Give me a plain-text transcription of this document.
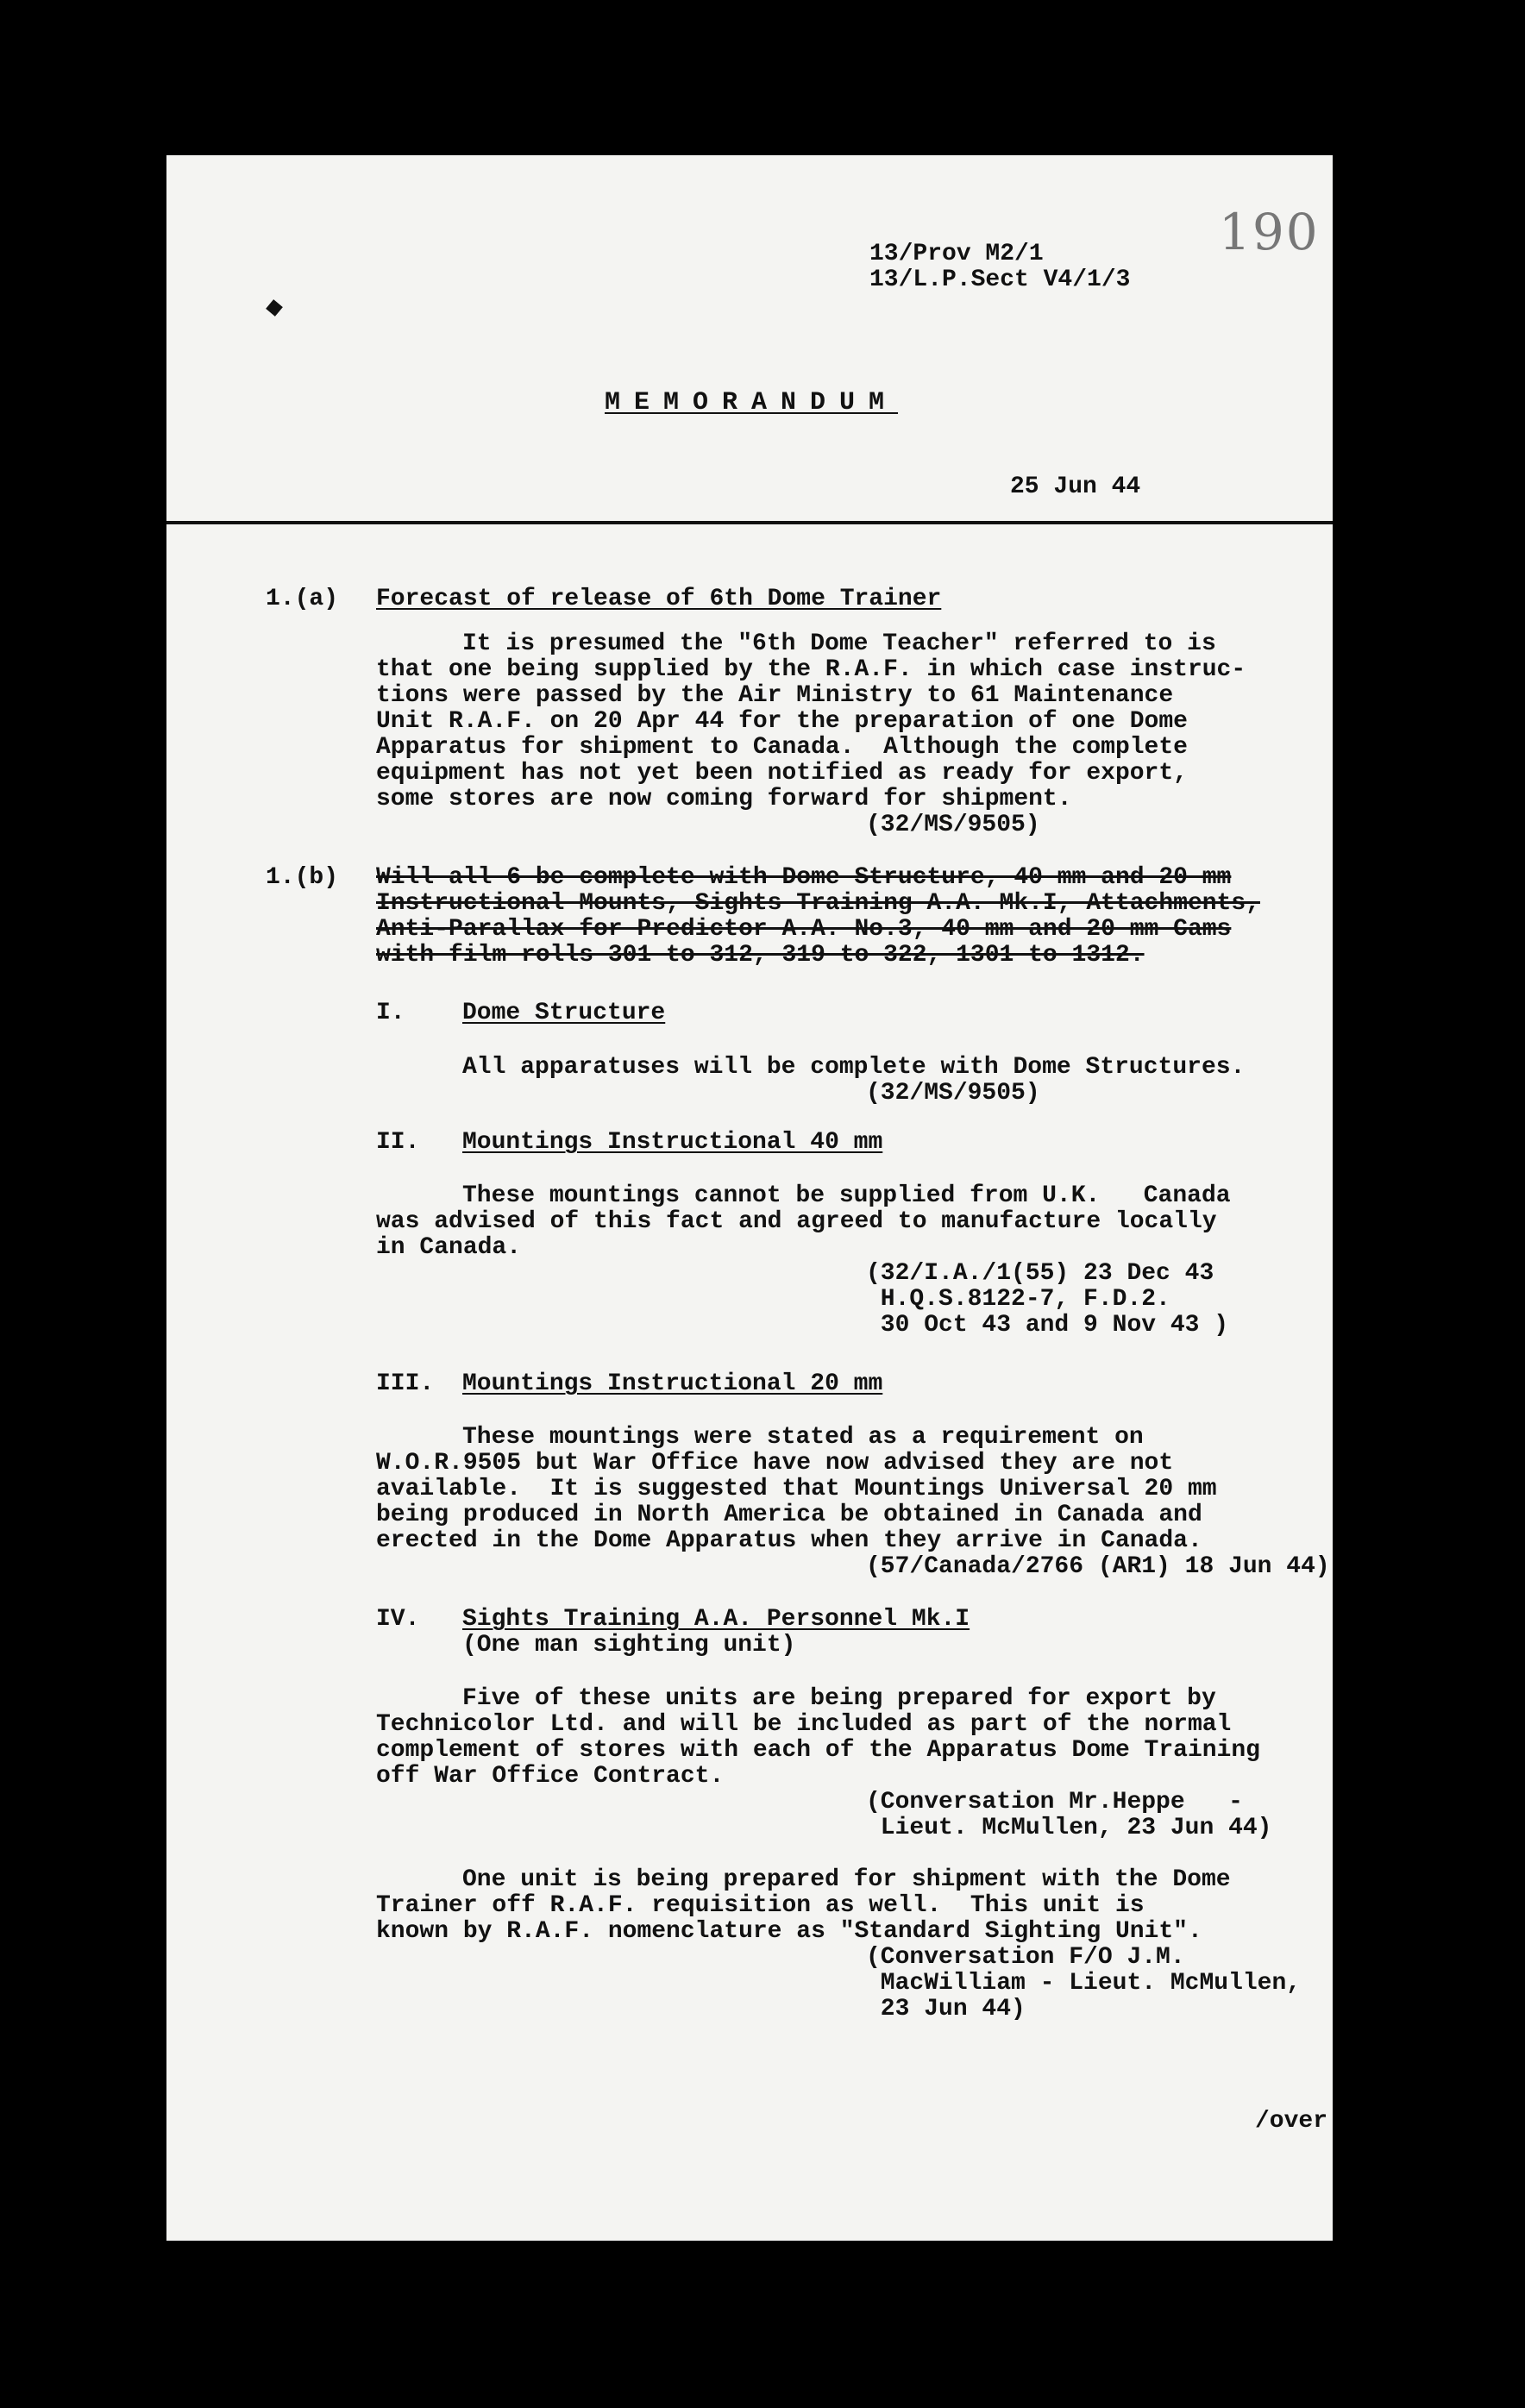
13/Prov M2/1

13/L.P.Sect V4/1/3

190

MEMORANDUM

25 Jun 44

1.(a) Forecast of release of 6th Dome Trainer

It is presumed the "6th Dome Teacher" referred to is

that one being supplied by the R.A.F. in which case instruc-

tions were passed by the Air Ministry to 61 Maintenance

Unit R.A.F. on 20 Apr 44 for the preparation of one Dome

Apparatus for shipment to Canada.  Although the complete

equipment has not yet been notified as ready for export,

some stores are now coming forward for shipment.

(32/MS/9505)

1.(b) Will all 6 be complete with Dome Structure, 40 mm and 20 mm

Instructional Mounts, Sights Training A.A. Mk.I, Attachments,

Anti-Parallax for Predictor A.A. No.3, 40 mm and 20 mm Cams

with film rolls 301 to 312, 319 to 322, 1301 to 1312.

I. Dome Structure

All apparatuses will be complete with Dome Structures.

(32/MS/9505)

II. Mountings Instructional 40 mm

These mountings cannot be supplied from U.K.   Canada

was advised of this fact and agreed to manufacture locally

in Canada.

(32/I.A./1(55) 23 Dec 43

H.Q.S.8122-7, F.D.2.

30 Oct 43 and 9 Nov 43 )

III. Mountings Instructional 20 mm

These mountings were stated as a requirement on

W.O.R.9505 but War Office have now advised they are not

available.  It is suggested that Mountings Universal 20 mm

being produced in North America be obtained in Canada and

erected in the Dome Apparatus when they arrive in Canada.

(57/Canada/2766 (AR1) 18 Jun 44)

IV. Sights Training A.A. Personnel Mk.I

(One man sighting unit)

Five of these units are being prepared for export by

Technicolor Ltd. and will be included as part of the normal

complement of stores with each of the Apparatus Dome Training

off War Office Contract.

(Conversation Mr.Heppe   -

Lieut. McMullen, 23 Jun 44)

One unit is being prepared for shipment with the Dome

Trainer off R.A.F. requisition as well.  This unit is

known by R.A.F. nomenclature as "Standard Sighting Unit".

(Conversation F/O J.M.

MacWilliam - Lieut. McMullen,

23 Jun 44)

/over
